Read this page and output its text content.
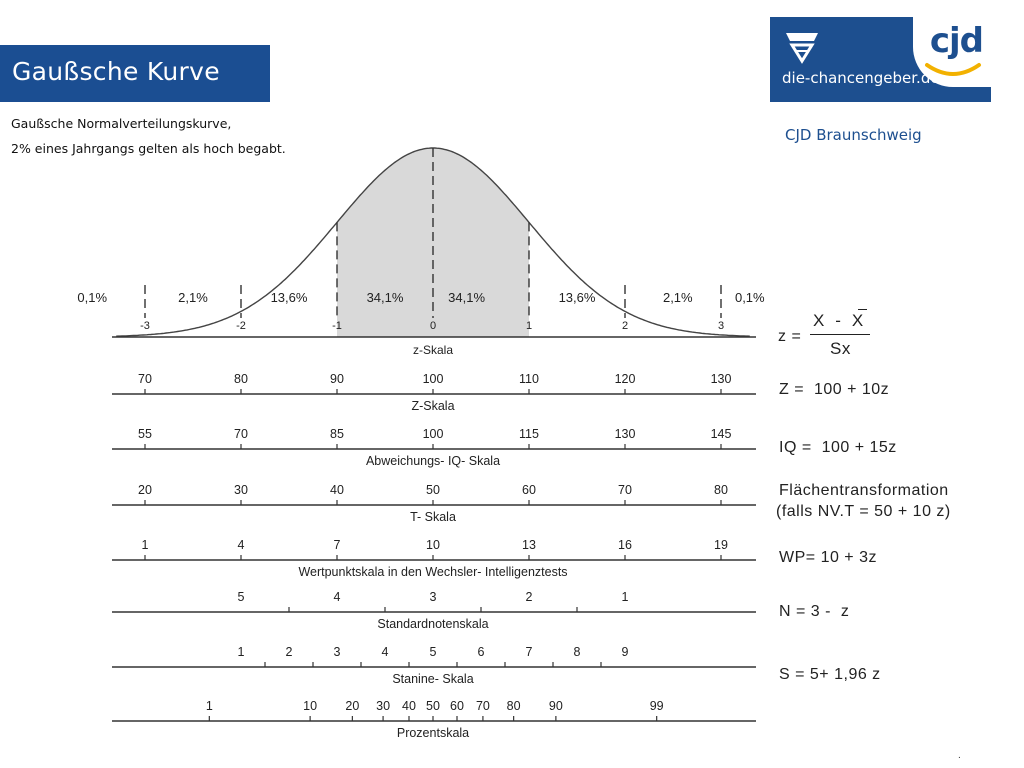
Gaußsche Kurve
Gaußsche Normalverteilungskurve,
2% eines Jahrgangs gelten als hoch begabt.
cjd
die-chancengeber.de
CJD Braunschweig
-3	-2	-1	0	1	2	3
z-Skala
0,1%	2,1%	13,6%	34,1%	34,1%	13,6%	2,1%	0,1%
70	80	90	100	110	120	130
Z-Skala
55	70	85	100	115	130	145
Abweichungs- IQ- Skala
20	30	40	50	60	70	80
T- Skala
1	4	7	10	13	16	19
Wertpunktskala in den Wechsler- Intelligenztests
5	4	3	2	1
Standardnotenskala
1	2	3	4	5	6	7	8	9
Stanine- Skala
1	10 20 30 40 50 60 70 80 90	99
Prozentskala
z =
X  -  X
Sx
Z =  100 + 10z
IQ =  100 + 15z
Flächentransformation
(falls NV.T = 50 + 10 z)
WP= 10 + 3z
N = 3 -  z
S = 5+ 1,96 z
.
